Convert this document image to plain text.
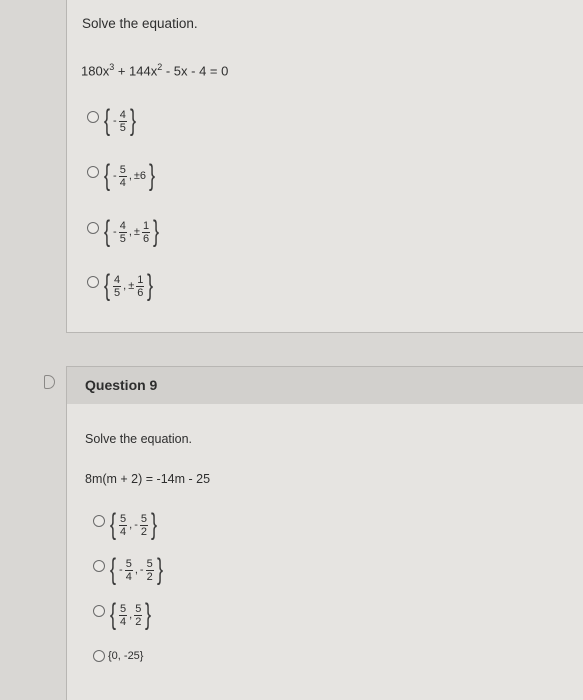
Solve the equation.
$180x^3 + 144x^2 - 5x - 4 = 0$
{ - $\frac{4}{5}$ }
{ - $\frac{5}{4}$ , ±6 }
{ - $\frac{4}{5}$ , ± $\frac{1}{6}$ }
{ $\frac{4}{5}$ , ± $\frac{1}{6}$ }
Question 9
Solve the equation.
8m(m + 2) = -14m - 25
{ $\frac{5}{4}$ , - $\frac{5}{2}$ }
{ - $\frac{5}{4}$ , - $\frac{5}{2}$ }
{ $\frac{5}{4}$ , $\frac{5}{2}$ }
{0, -25}
